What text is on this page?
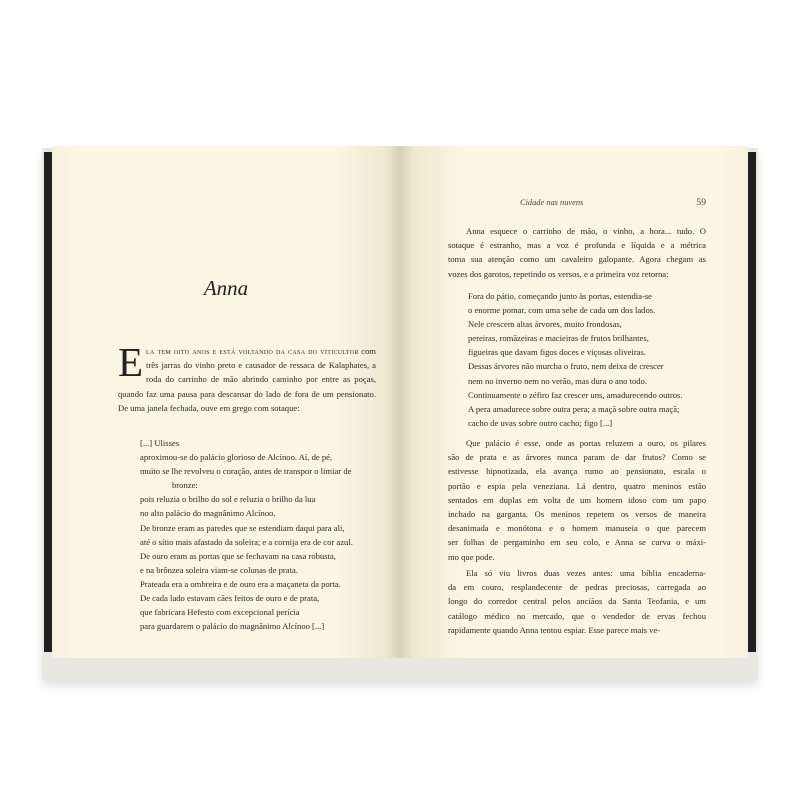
Anna
Ela tem oito anos e está voltando da casa do viticultor com três jarras do vinho preto e causador de ressaca de Kalaphates, a roda do carrinho de mão abrindo caminho por entre as poças, quando faz uma pausa para descansar do lado de fora de um pensionato. De uma janela fechada, ouve em grego com sotaque:
[...] Ulisses
aproximou-se do palácio glorioso de Alcínoo. Aí, de pé,
muito se lhe revolveu o coração, antes de transpor o limiar de
bronze:
pois reluzia o brilho do sol e reluzia o brilho da lua
no alto palácio do magnânimo Alcínoo.
De bronze eram as paredes que se estendiam daqui para ali,
até o sítio mais afastado da soleira; e a cornija era de cor azul.
De ouro eram as portas que se fechavam na casa robusta,
e na brônzea soleira viam-se colunas de prata.
Prateada era a ombreira e de ouro era a maçaneta da porta.
De cada lado estavam cães feitos de ouro e de prata,
que fabricara Hefesto com excepcional perícia
para guardarem o palácio do magnânimo Alcínoo [...]
Cidade nas nuvens	59
Anna esquece o carrinho de mão, o vinho, a hora... tudo. O
sotaque é estranho, mas a voz é profunda e líquida e a métrica
toma sua atenção como um cavaleiro galopante. Agora chegam as
vozes dos garotos, repetindo os versos, e a primeira voz retorna:
Fora do pátio, começando junto às portas, estendia-se
o enorme pomar, com uma sebe de cada um dos lados.
Nele crescem altas árvores, muito frondosas,
pereiras, romãzeiras e macieiras de frutos brilhantes,
figueiras que davam figos doces e viçosas oliveiras.
Dessas árvores não murcha o fruto, nem deixa de crescer
nem no inverno nem no verão, mas dura o ano todo.
Continuamente o zéfiro faz crescer uns, amadurecendo outros.
A pera amadurece sobre outra pera; a maçã sobre outra maçã;
cacho de uvas sobre outro cacho; figo [...]
Que palácio é esse, onde as portas reluzem a ouro, os pilares
são de prata e as árvores nunca param de dar frutos? Como se
estivesse hipnotizada, ela avança rumo ao pensionato, escala o
portão e espia pela veneziana. Lá dentro, quatro meninos estão
sentados em duplas em volta de um homem idoso com um papo
inchado na garganta. Os meninos repetem os versos de maneira
desanimada e monótona e o homem manuseia o que parecem
ser folhas de pergaminho em seu colo, e Anna se curva o máxi-
mo que pode.
Ela só viu livros duas vezes antes: uma bíblia encaderna-
da em couro, resplandecente de pedras preciosas, carregada ao
longo do corredor central pelos anciãos da Santa Teofania, e um
catálogo médico no mercado, que o vendedor de ervas fechou
rapidamente quando Anna tentou espiar. Esse parece mais ve-
